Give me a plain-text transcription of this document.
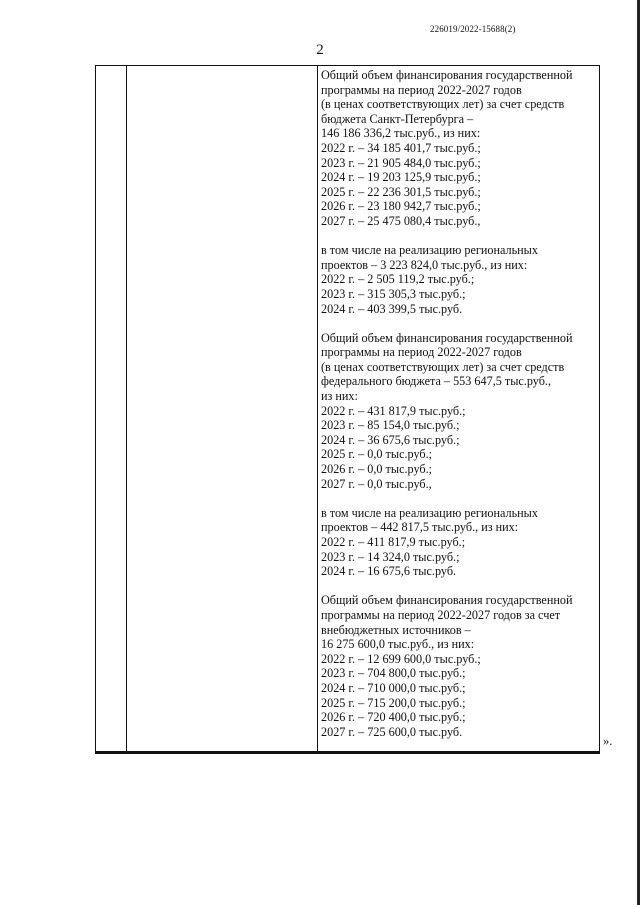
226019/2022-15688(2)
2
Общий объем финансирования государственной
программы на период 2022-2027 годов
(в ценах соответствующих лет) за счет средств
бюджета Санкт-Петербурга –
146 186 336,2 тыс.руб., из них:
2022 г. – 34 185 401,7 тыс.руб.;
2023 г. – 21 905 484,0 тыс.руб.;
2024 г. – 19 203 125,9 тыс.руб.;
2025 г. – 22 236 301,5 тыс.руб.;
2026 г. – 23 180 942,7 тыс.руб.;
2027 г. – 25 475 080,4 тыс.руб.,
в том числе на реализацию региональных
проектов – 3 223 824,0 тыс.руб., из них:
2022 г. – 2 505 119,2 тыс.руб.;
2023 г. – 315 305,3 тыс.руб.;
2024 г. – 403 399,5 тыс.руб.
Общий объем финансирования государственной
программы на период 2022-2027 годов
(в ценах соответствующих лет) за счет средств
федерального бюджета – 553 647,5 тыс.руб.,
из них:
2022 г. – 431 817,9 тыс.руб.;
2023 г. – 85 154,0 тыс.руб.;
2024 г. – 36 675,6 тыс.руб.;
2025 г. – 0,0 тыс.руб.;
2026 г. – 0,0 тыс.руб.;
2027 г. – 0,0 тыс.руб.,
в том числе на реализацию региональных
проектов – 442 817,5 тыс.руб., из них:
2022 г. – 411 817,9 тыс.руб.;
2023 г. – 14 324,0 тыс.руб.;
2024 г. – 16 675,6 тыс.руб.
Общий объем финансирования государственной
программы на период 2022-2027 годов за счет
внебюджетных источников –
16 275 600,0 тыс.руб., из них:
2022 г. – 12 699 600,0 тыс.руб.;
2023 г. – 704 800,0 тыс.руб.;
2024 г. – 710 000,0 тыс.руб.;
2025 г. – 715 200,0 тыс.руб.;
2026 г. – 720 400,0 тыс.руб.;
2027 г. – 725 600,0 тыс.руб.
».
